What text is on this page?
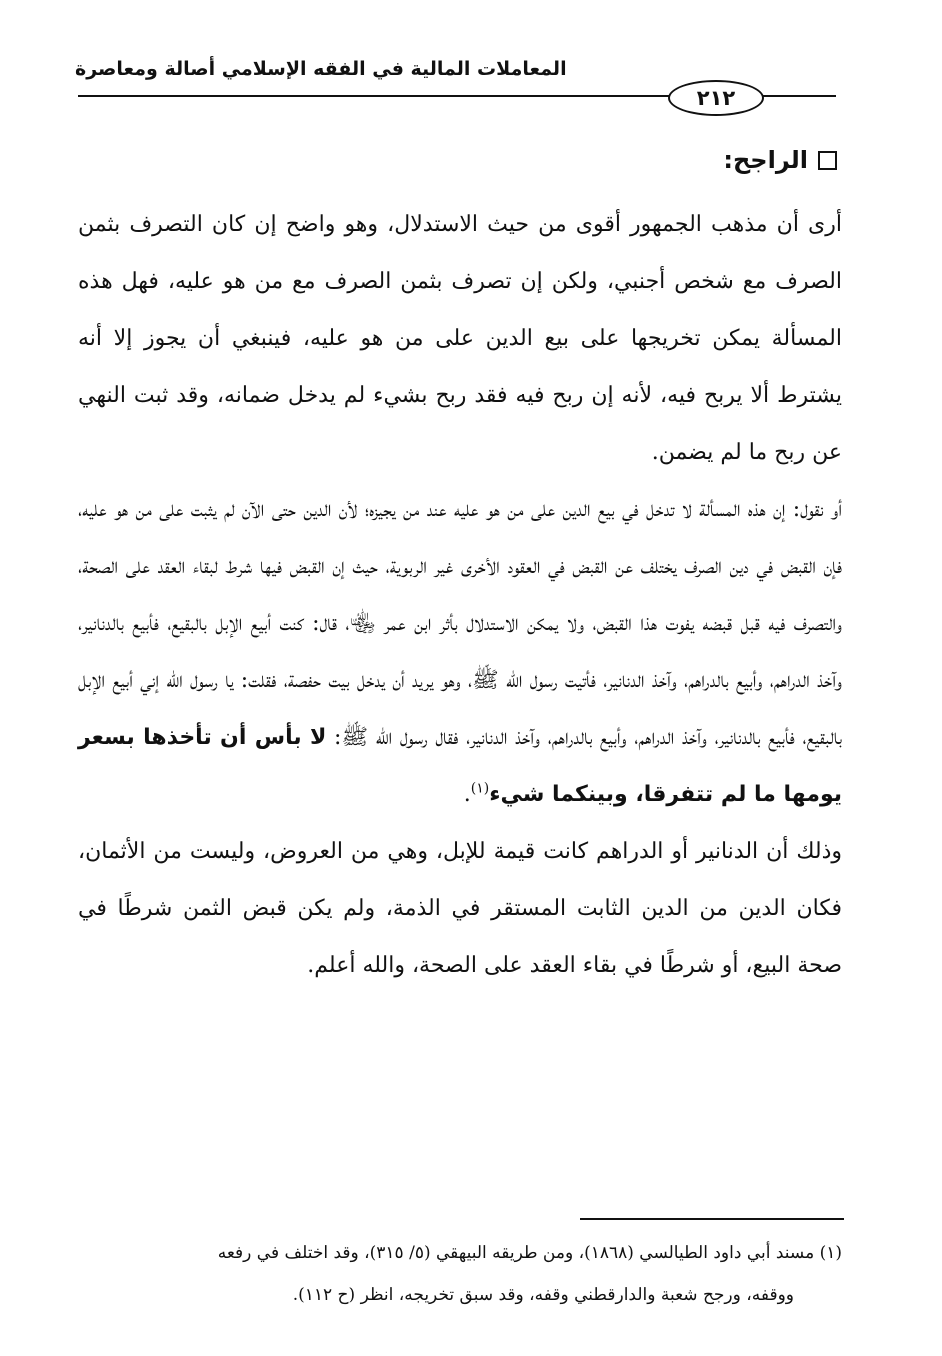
المعاملات المالية في الفقه الإسلامي أصالة ومعاصرة
٢١٢
الراجح:

أرى أن مذهب الجمهور أقوى من حيث الاستدلال، وهو واضح إن كان التصرف بثمن الصرف مع شخص أجنبي، ولكن إن تصرف بثمن الصرف مع من هو عليه، فهل هذه المسألة يمكن تخريجها على بيع الدين على من هو عليه، فينبغي أن يجوز إلا أنه يشترط ألا يربح فيه، لأنه إن ربح فيه فقد ربح بشيء لم يدخل ضمانه، وقد ثبت النهي عن ربح ما لم يضمن.

أو نقول: إن هذه المسألة لا تدخل في بيع الدين على من هو عليه عند من يجيزه؛ لأن الدين حتى الآن لم يثبت على من هو عليه، فإن القبض في دين الصرف يختلف عن القبض في العقود الأخرى غير الربوية، حيث إن القبض فيها شرط لبقاء العقد على الصحة، والتصرف فيه قبل قبضه يفوت هذا القبض، ولا يمكن الاستدلال بأثر ابن عمر ﵄، قال: كنت أبيع الإبل بالبقيع، فأبيع بالدنانير، وآخذ الدراهم، وأبيع بالدراهم، وآخذ الدنانير، فأتيت رسول الله ﷺ، وهو يريد أن يدخل بيت حفصة، فقلت: يا رسول الله إني أبيع الإبل بالبقيع، فأبيع بالدنانير، وآخذ الدراهم، وأبيع بالدراهم، وآخذ الدنانير، فقال رسول الله ﷺ: لا بأس أن تأخذها بسعر يومها ما لم تتفرقا، وبينكما شيء$^{(١)}$.

وذلك أن الدنانير أو الدراهم كانت قيمة للإبل، وهي من العروض، وليست من الأثمان، فكان الدين من الدين الثابت المستقر في الذمة، ولم يكن قبض الثمن شرطًا في صحة البيع، أو شرطًا في بقاء العقد على الصحة، والله أعلم.

(١) مسند أبي داود الطيالسي (١٨٦٨)، ومن طريقه البيهقي (٥/ ٣١٥)، وقد اختلف في رفعه

ووقفه، ورجح شعبة والدارقطني وقفه، وقد سبق تخريجه، انظر (ح ١١٢).
